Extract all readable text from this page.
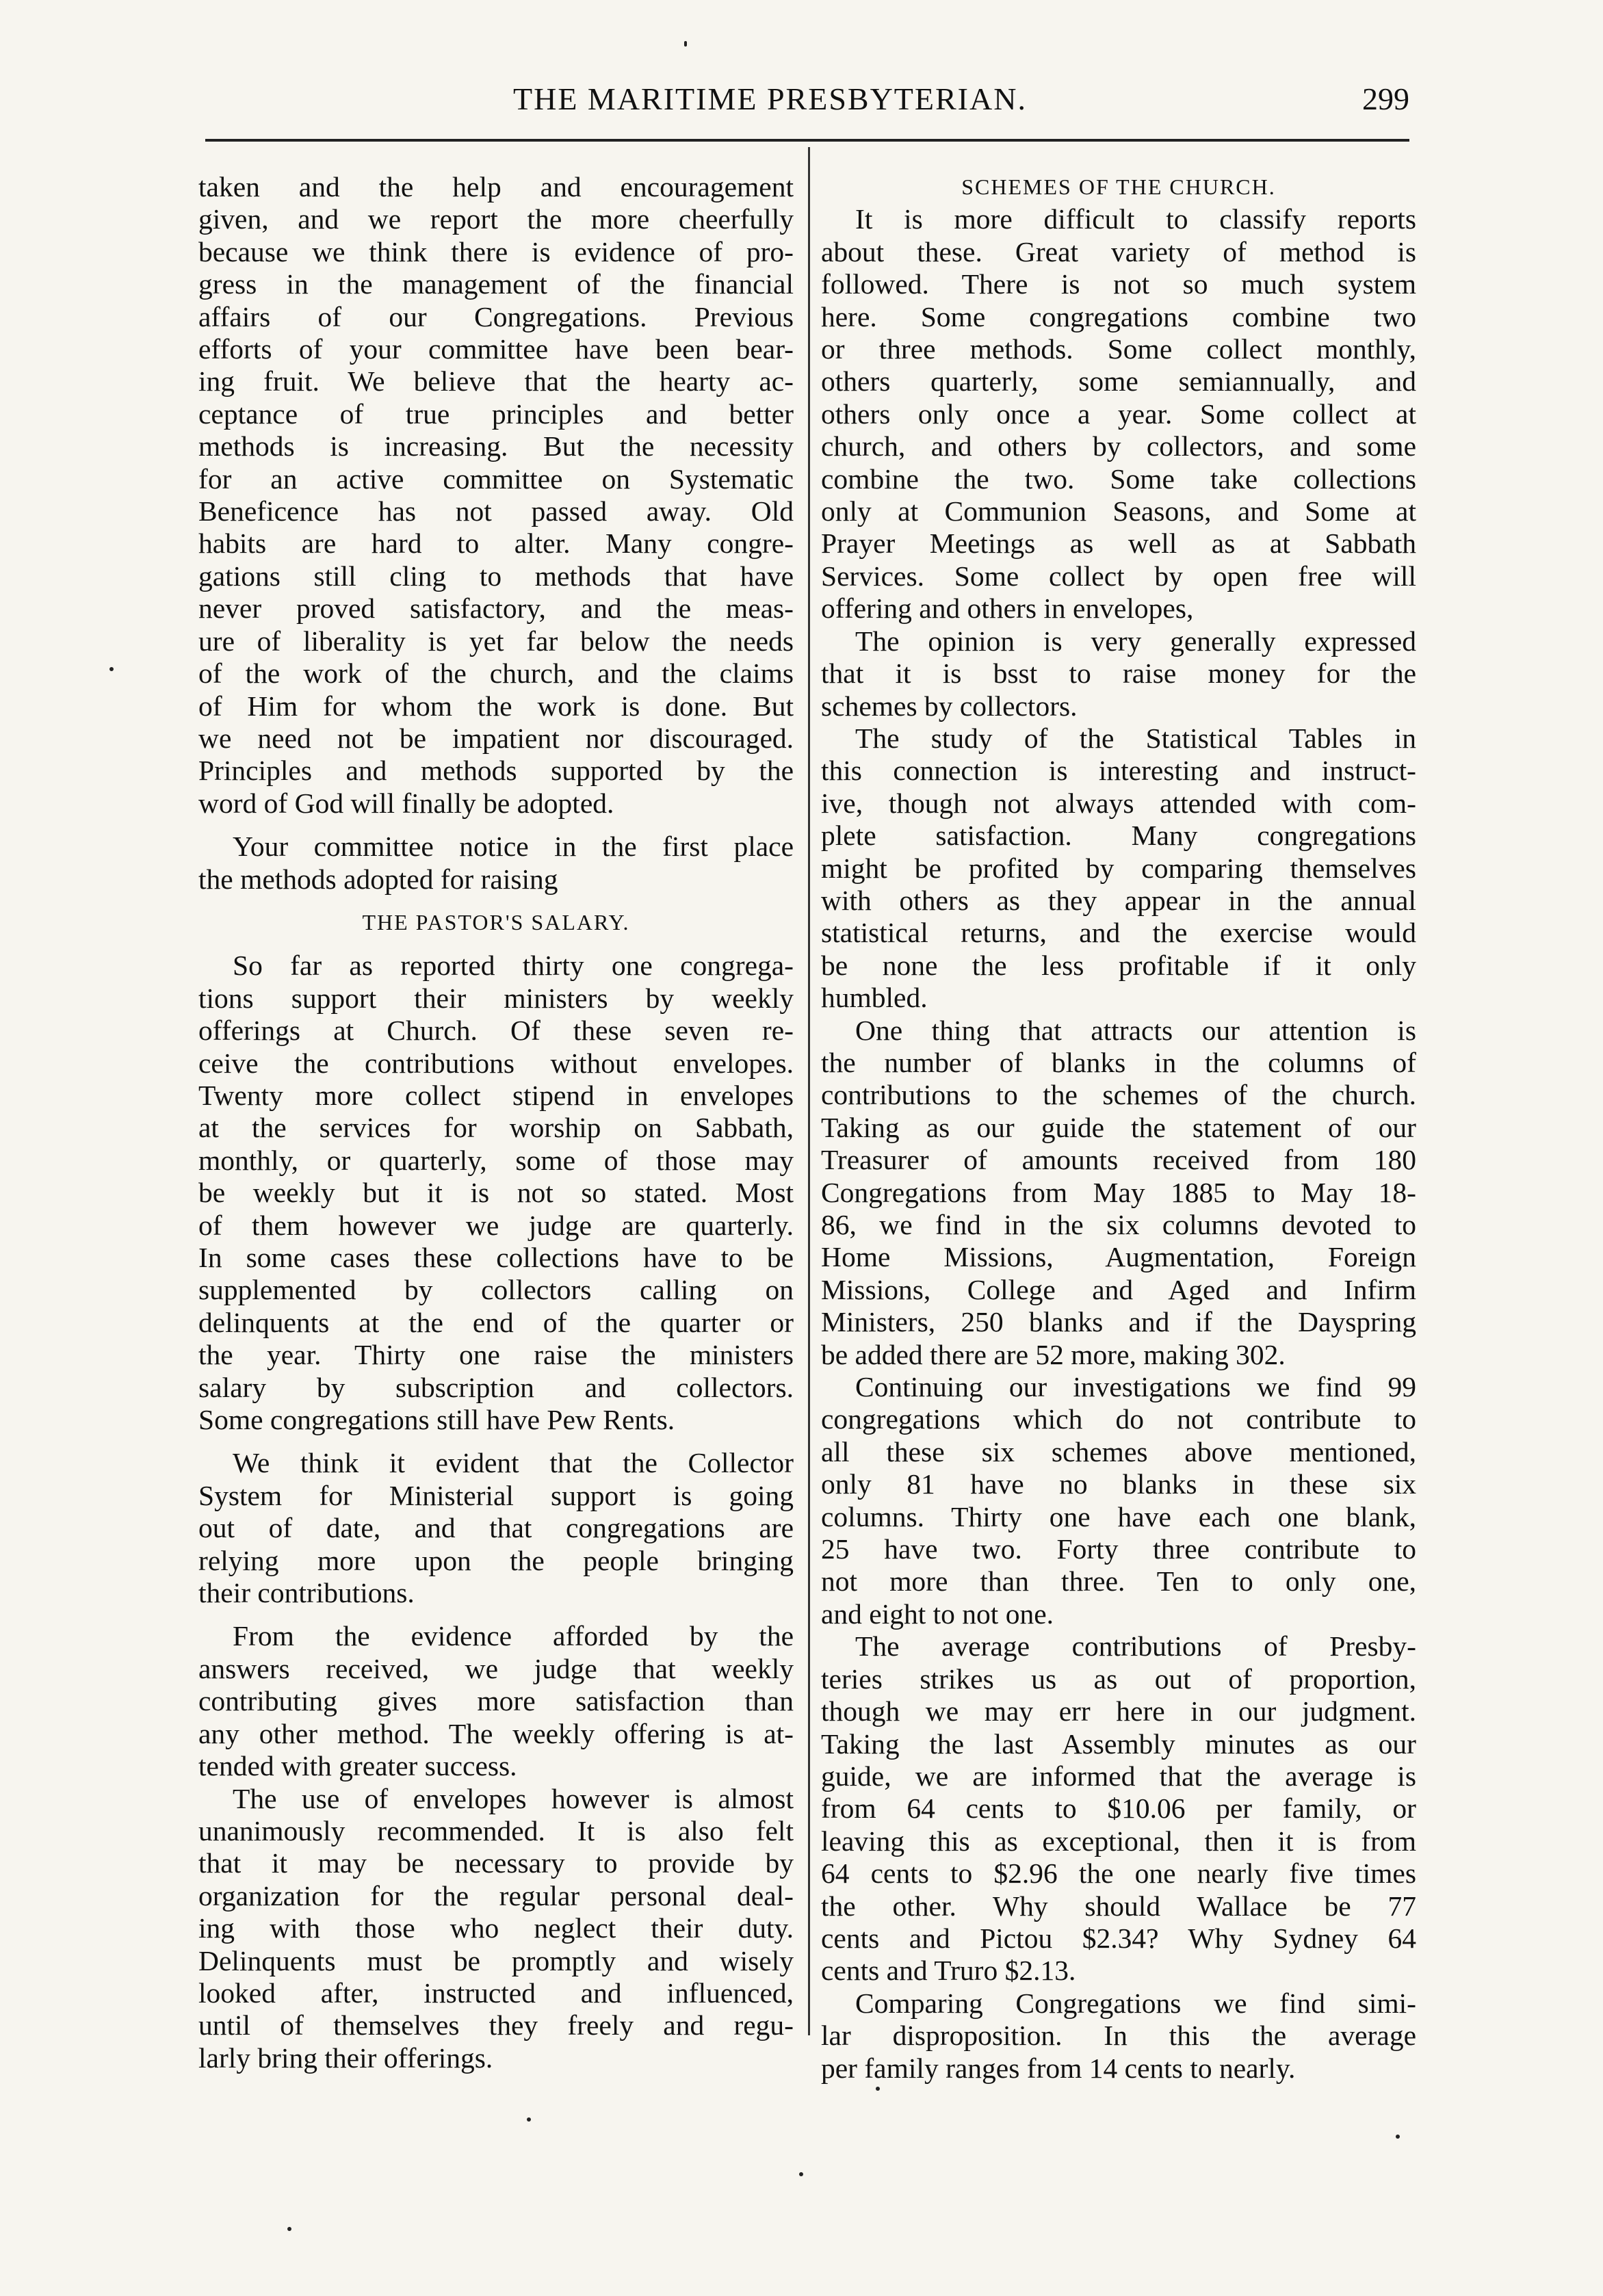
THE MARITIME PRESBYTERIAN.	299
taken and the help and encouragement
given, and we report the more cheerfully
because we think there is evidence of pro-
gress in the management of the financial
affairs of our Congregations. Previous
efforts of your committee have been bear-
ing fruit. We believe that the hearty ac-
ceptance of true principles and better
methods is increasing. But the necessity
for an active committee on Systematic
Beneficence has not passed away. Old
habits are hard to alter. Many congre-
gations still cling to methods that have
never proved satisfactory, and the meas-
ure of liberality is yet far below the needs
of the work of the church, and the claims
of Him for whom the work is done. But
we need not be impatient nor discouraged.
Principles and methods supported by the
word of God will finally be adopted.
Your committee notice in the first place
the methods adopted for raising
THE PASTOR'S SALARY.
So far as reported thirty one congrega-
tions support their ministers by weekly
offerings at Church. Of these seven re-
ceive the contributions without envelopes.
Twenty more collect stipend in envelopes
at the services for worship on Sabbath,
monthly, or quarterly, some of those may
be weekly but it is not so stated. Most
of them however we judge are quarterly.
In some cases these collections have to be
supplemented by collectors calling on
delinquents at the end of the quarter or
the year. Thirty one raise the ministers
salary by subscription and collectors.
Some congregations still have Pew Rents.
We think it evident that the Collector
System for Ministerial support is going
out of date, and that congregations are
relying more upon the people bringing
their contributions.
From the evidence afforded by the
answers received, we judge that weekly
contributing gives more satisfaction than
any other method. The weekly offering is at-
tended with greater success.
The use of envelopes however is almost
unanimously recommended. It is also felt
that it may be necessary to provide by
organization for the regular personal deal-
ing with those who neglect their duty.
Delinquents must be promptly and wisely
looked after, instructed and influenced,
until of themselves they freely and regu-
larly bring their offerings.
SCHEMES OF THE CHURCH.
It is more difficult to classify reports
about these. Great variety of method is
followed. There is not so much system
here. Some congregations combine two
or three methods. Some collect monthly,
others quarterly, some semiannually, and
others only once a year. Some collect at
church, and others by collectors, and some
combine the two. Some take collections
only at Communion Seasons, and Some at
Prayer Meetings as well as at Sabbath
Services. Some collect by open free will
offering and others in envelopes,
The opinion is very generally expressed
that it is bsst to raise money for the
schemes by collectors.
The study of the Statistical Tables in
this connection is interesting and instruct-
ive, though not always attended with com-
plete satisfaction. Many congregations
might be profited by comparing themselves
with others as they appear in the annual
statistical returns, and the exercise would
be none the less profitable if it only
humbled.
One thing that attracts our attention is
the number of blanks in the columns of
contributions to the schemes of the church.
Taking as our guide the statement of our
Treasurer of amounts received from 180
Congregations from May 1885 to May 18-
86, we find in the six columns devoted to
Home Missions, Augmentation, Foreign
Missions, College and Aged and Infirm
Ministers, 250 blanks and if the Dayspring
be added there are 52 more, making 302.
Continuing our investigations we find 99
congregations which do not contribute to
all these six schemes above mentioned,
only 81 have no blanks in these six
columns. Thirty one have each one blank,
25 have two. Forty three contribute to
not more than three. Ten to only one,
and eight to not one.
The average contributions of Presby-
teries strikes us as out of proportion,
though we may err here in our judgment.
Taking the last Assembly minutes as our
guide, we are informed that the average is
from 64 cents to $10.06 per family, or
leaving this as exceptional, then it is from
64 cents to $2.96 the one nearly five times
the other. Why should Wallace be 77
cents and Pictou $2.34? Why Sydney 64
cents and Truro $2.13.
Comparing Congregations we find simi-
lar disproposition. In this the average
per family ranges from 14 cents to nearly.
